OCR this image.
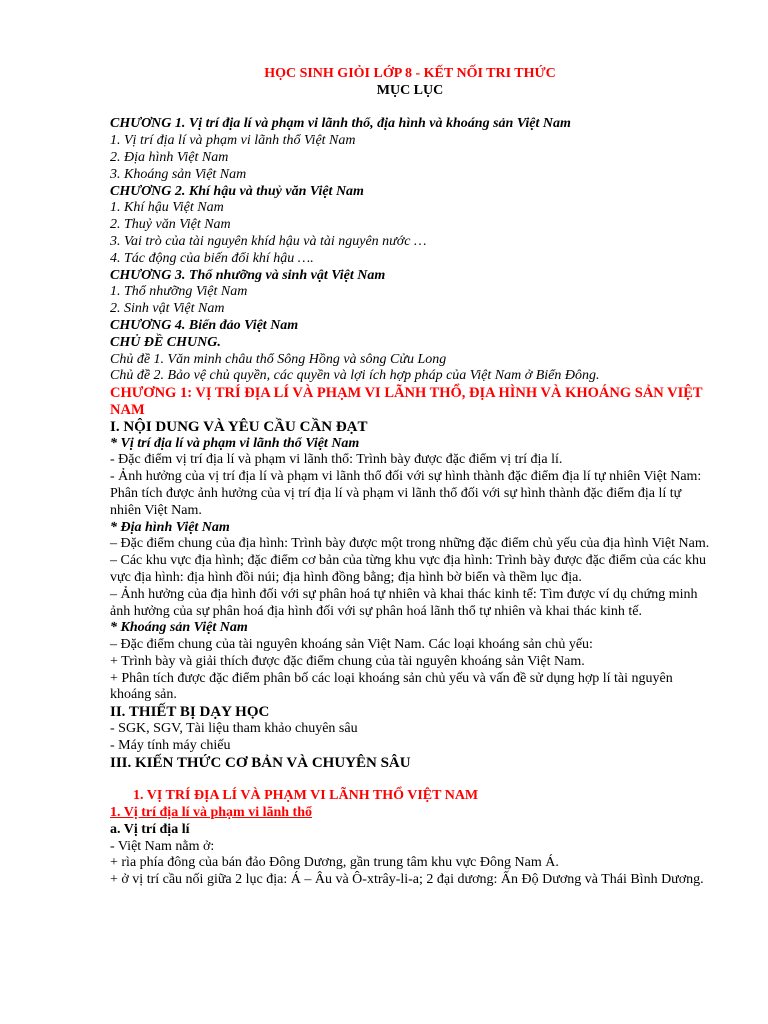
HỌC SINH GIỎI LỚP 8 - KẾT NỐI TRI THỨC

MỤC LỤC

CHƯƠNG 1. Vị trí địa lí và phạm vi lãnh thổ, địa hình và khoáng sản Việt Nam

1. Vị trí địa lí và phạm vi lãnh thổ Việt Nam

2. Địa hình Việt Nam

3. Khoáng sản Việt Nam

CHƯƠNG 2. Khí hậu và thuỷ văn Việt Nam

1. Khí hậu Việt Nam

2. Thuỷ văn Việt Nam

3. Vai trò của tài nguyên khíd hậu và tài nguyên nước …

4. Tác động của biến đổi khí hậu ….

CHƯƠNG 3. Thổ nhưỡng và sinh vật Việt Nam

1. Thổ nhưỡng Việt Nam

2. Sinh vật Việt Nam

CHƯƠNG 4. Biển đảo Việt Nam

CHỦ ĐỀ CHUNG.

Chủ đề 1. Văn minh châu thổ Sông Hồng và sông Cửu Long

Chủ đề 2. Bảo vệ chủ quyền, các quyền và lợi ích hợp pháp của Việt Nam ở Biển Đông.

CHƯƠNG 1: VỊ TRÍ ĐỊA LÍ VÀ PHẠM VI LÃNH THỔ, ĐỊA HÌNH VÀ KHOÁNG SẢN VIỆT NAM

I. NỘI DUNG VÀ YÊU CẦU CẦN ĐẠT

* Vị trí địa lí và phạm vi lãnh thổ Việt Nam

- Đặc điểm vị trí địa lí và phạm vi lãnh thổ: Trình bày được đặc điểm vị trí địa lí.

- Ảnh hưởng của vị trí địa lí và phạm vi lãnh thổ đối với sự hình thành đặc điểm địa lí tự nhiên Việt Nam: Phân tích được ảnh hưởng của vị trí địa lí và phạm vi lãnh thổ đối với sự hình thành đặc điểm địa lí tự nhiên Việt Nam.

* Địa hình Việt Nam

– Đặc điểm chung của địa hình: Trình bày được một trong những đặc điểm chủ yếu của địa hình Việt Nam.

– Các khu vực địa hình; đặc điểm cơ bản của từng khu vực địa hình: Trình bày được đặc điểm của các khu vực địa hình: địa hình đồi núi; địa hình đồng bằng; địa hình bờ biển và thềm lục địa.

– Ảnh hưởng của địa hình đối với sự phân hoá tự nhiên và khai thác kinh tế: Tìm được ví dụ chứng minh ảnh hưởng của sự phân hoá địa hình đối với sự phân hoá lãnh thổ tự nhiên và khai thác kinh tế.

* Khoáng sản Việt Nam

– Đặc điểm chung của tài nguyên khoáng sản Việt Nam. Các loại khoáng sản chủ yếu:

+ Trình bày và giải thích được đặc điểm chung của tài nguyên khoáng sản Việt Nam.

+ Phân tích được đặc điểm phân bố các loại khoáng sản chủ yếu và vấn đề sử dụng hợp lí tài nguyên khoáng sản.

II. THIẾT BỊ DẠY HỌC

- SGK, SGV, Tài liệu tham khảo chuyên sâu

- Máy tính máy chiếu

III. KIẾN THỨC CƠ BẢN VÀ CHUYÊN SÂU

1. VỊ TRÍ ĐỊA LÍ VÀ PHẠM VI LÃNH THỔ VIỆT NAM

1. Vị trí địa lí và phạm vi lãnh thổ

a. Vị trí địa lí

- Việt Nam nằm ở:

+ rìa phía đông của bán đảo Đông Dương, gần trung tâm khu vực Đông Nam Á.

+ ở vị trí cầu nối giữa 2 lục địa: Á – Âu và Ô-xtrây-li-a; 2 đại dương: Ấn Độ Dương và Thái Bình Dương.
